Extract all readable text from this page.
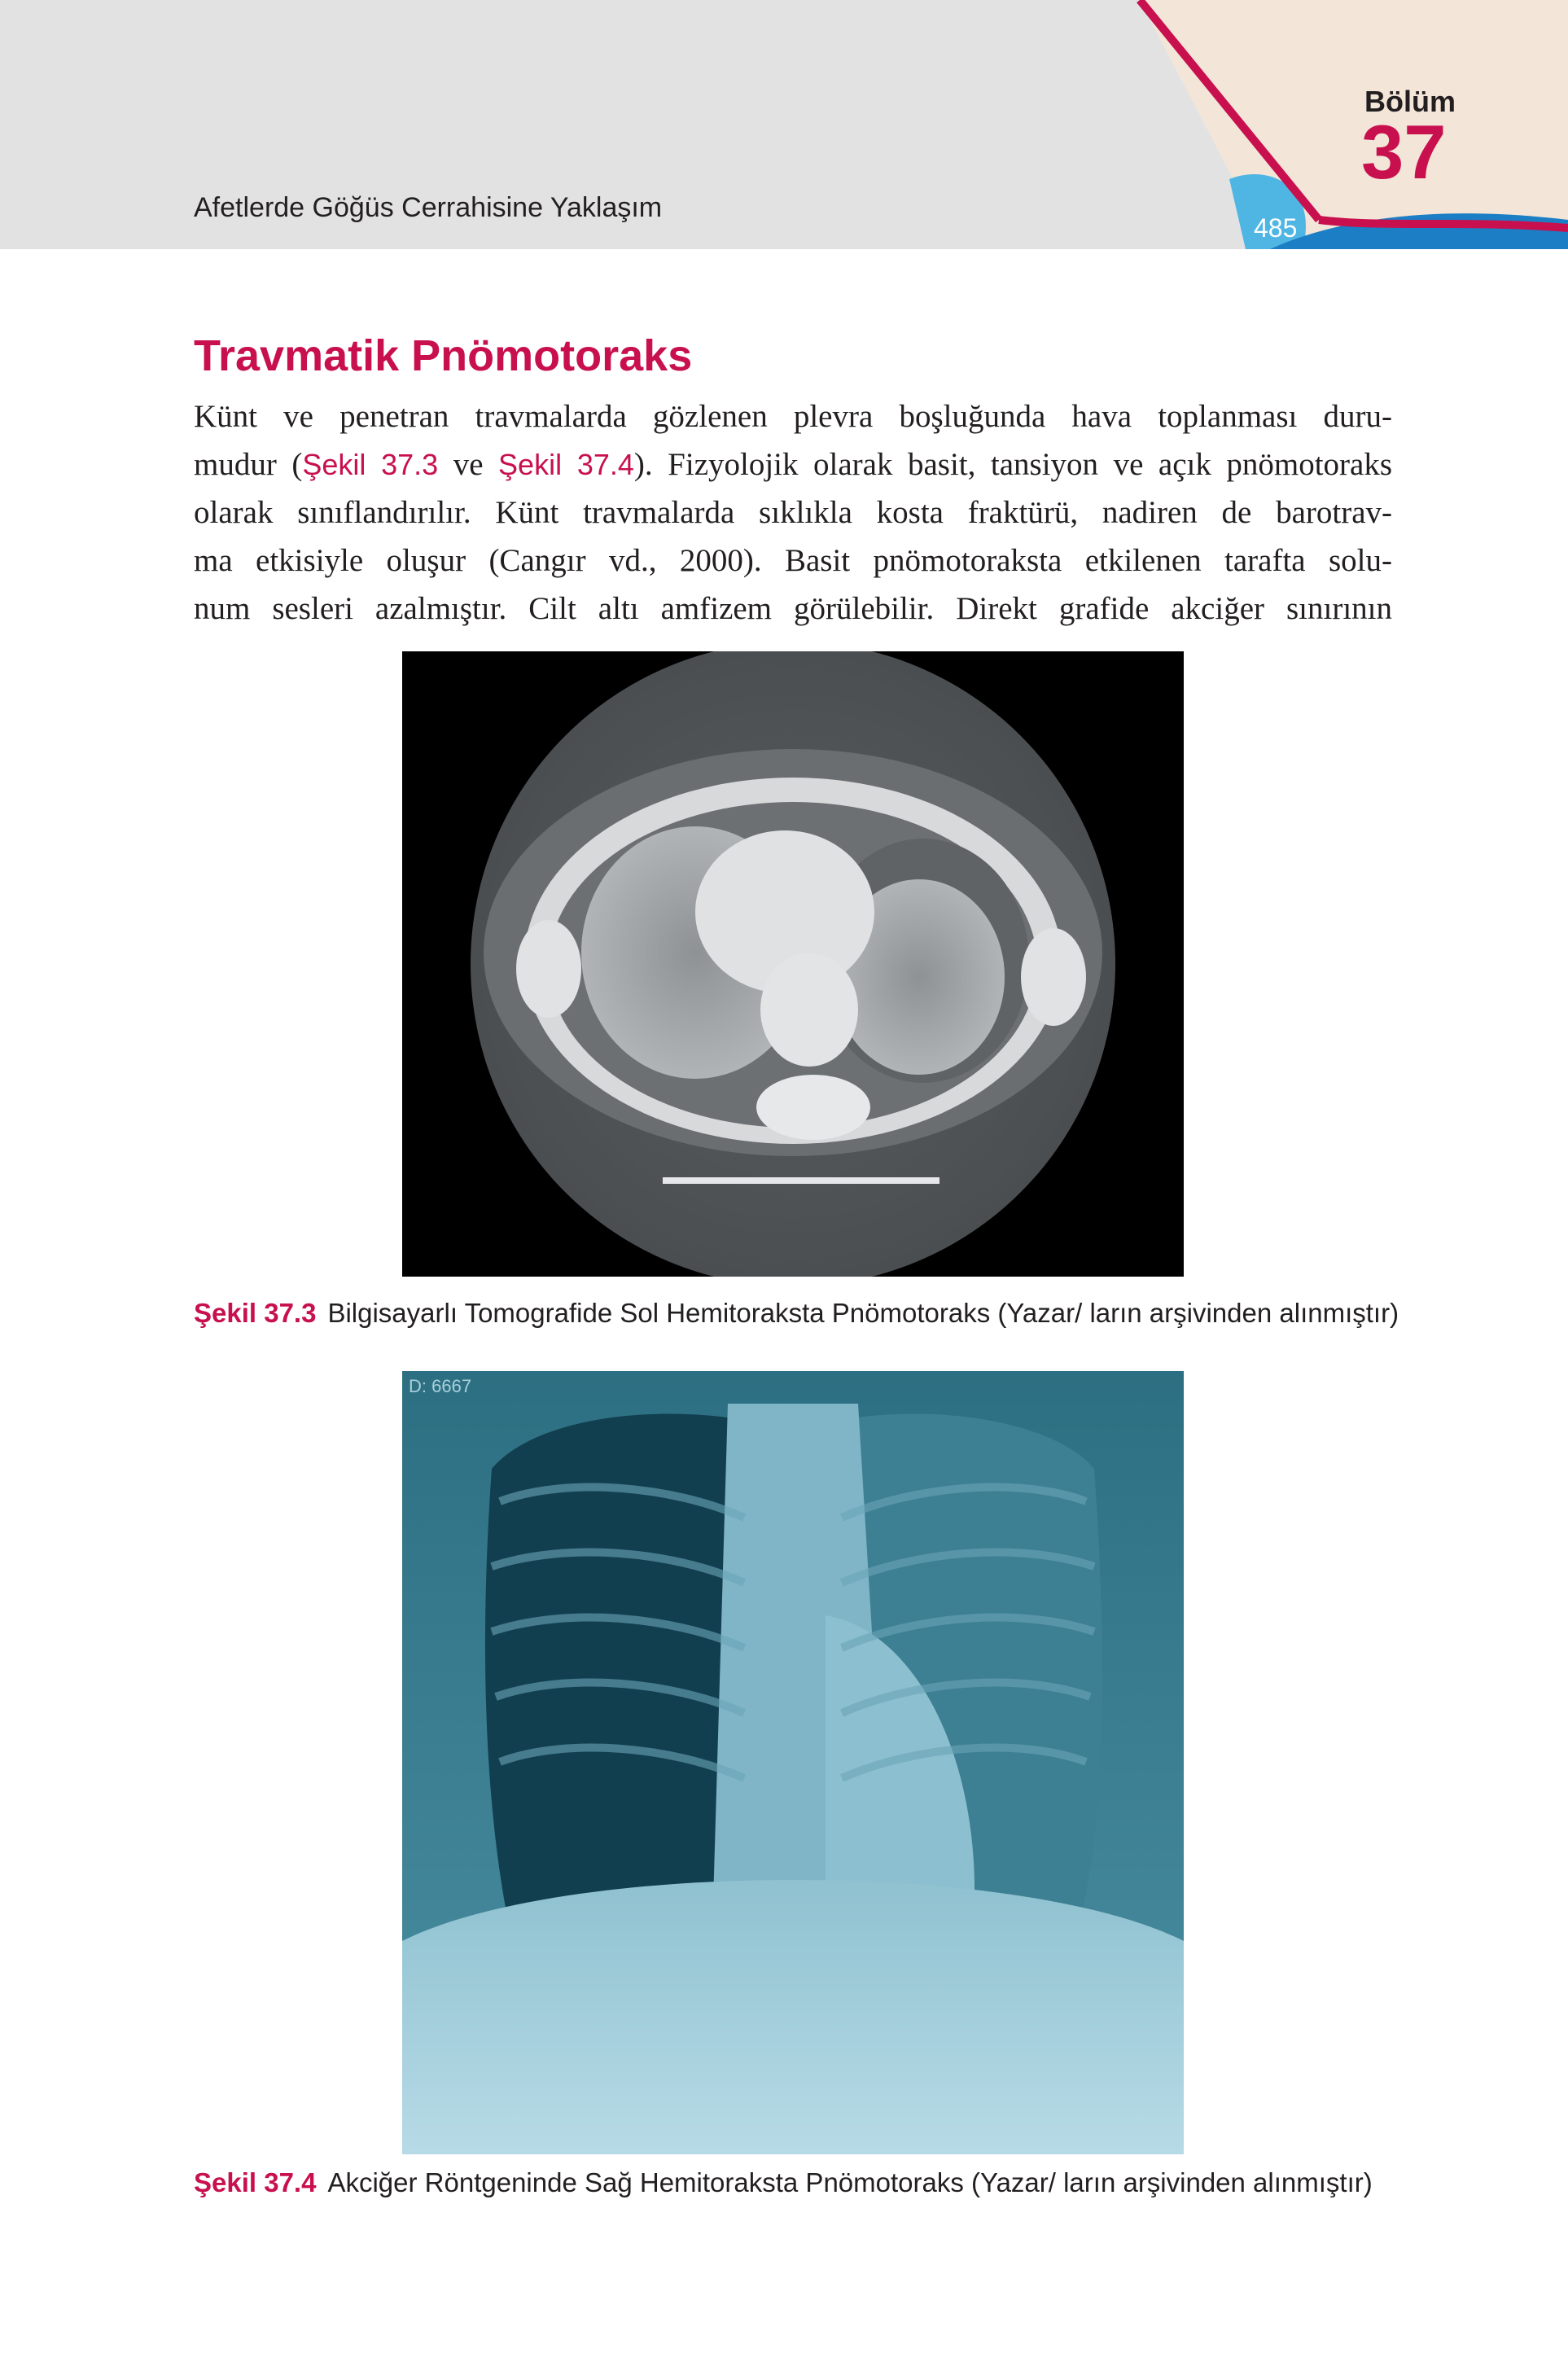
Afetlerde Göğüs Cerrahisine Yaklaşım
485
Bölüm
37
Travmatik Pnömotoraks
Künt ve penetran travmalarda gözlenen plevra boşluğunda hava toplanması duru-
mudur (Şekil 37.3 ve Şekil 37.4). Fizyolojik olarak basit, tansiyon ve açık pnömotoraks
olarak sınıflandırılır. Künt travmalarda sıklıkla kosta fraktürü, nadiren de barotrav-
ma etkisiyle oluşur (Cangır vd., 2000). Basit pnömotoraksta etkilenen tarafta solu-
num sesleri azalmıştır. Cilt altı amfizem görülebilir. Direkt grafide akciğer sınırının
Şekil 37.3 Bilgisayarlı Tomografide Sol Hemitoraksta Pnömotoraks (Yazar/ ların arşivinden alınmıştır)
D: 6667
Şekil 37.4 Akciğer Röntgeninde Sağ Hemitoraksta Pnömotoraks (Yazar/ ların arşivinden alınmıştır)
